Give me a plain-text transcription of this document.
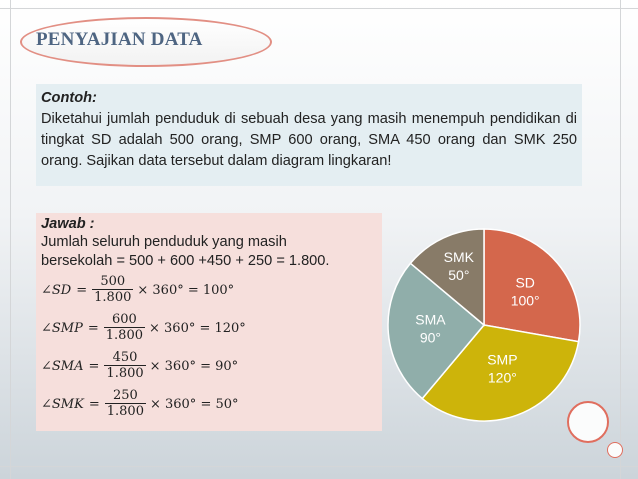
PENYAJIAN DATA
Contoh:
Diketahui jumlah penduduk di sebuah desa yang masih menempuh pendidikan di tingkat SD adalah 500 orang, SMP 600 orang, SMA 450 orang dan SMK 250 orang. Sajikan data tersebut dalam diagram lingkaran!
Jawab :
Jumlah seluruh penduduk yang masih
bersekolah = 500 + 600 +450 + 250 = 1.800.
∠ SD = $\frac{500}{1.800} \times 360^\circ = 100^\circ$
∠ SMP = $\frac{600}{1.800} \times 360^\circ = 120^\circ$
∠ SMA = $\frac{450}{1.800} \times 360^\circ = 90^\circ$
∠ SMK = $\frac{250}{1.800} \times 360^\circ = 50^\circ$
SD
100°
SMP
120°
SMA
90°
SMK
50°
